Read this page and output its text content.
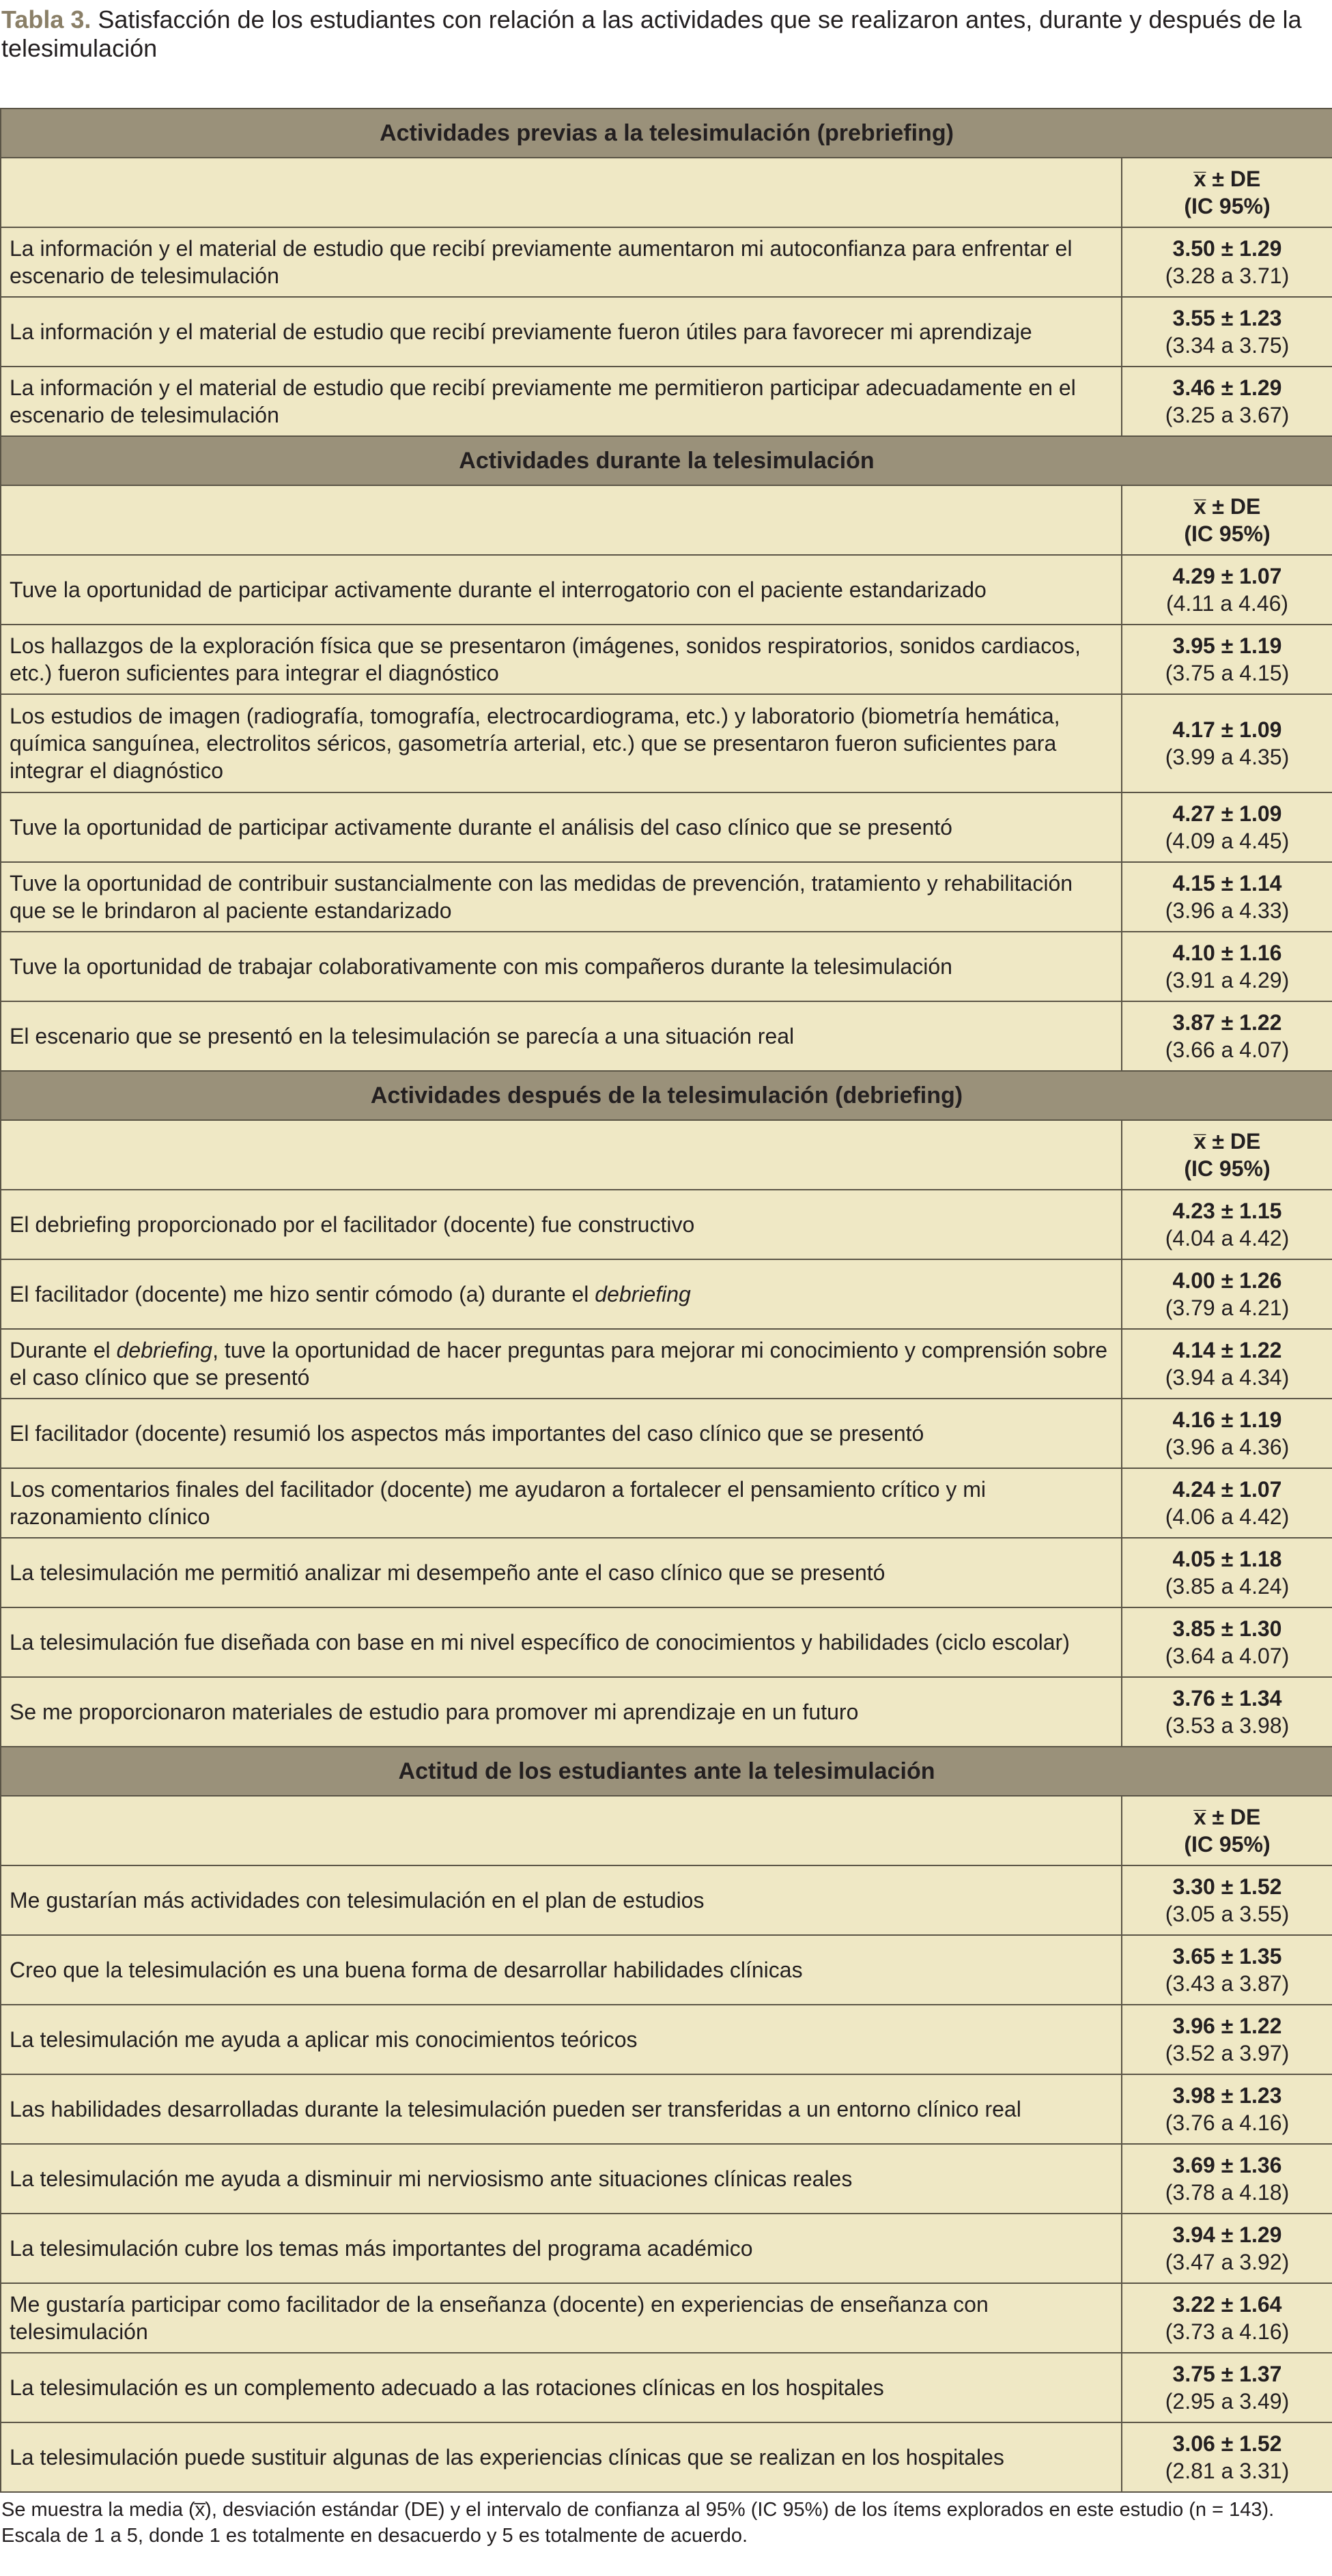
Tabla 3. Satisfacción de los estudiantes con relación a las actividades que se realizaron antes, durante y después de la telesimulación
Actividades previas a la telesimulación (prebriefing)	

	x̅ ± DE
(IC 95%)

La información y el material de estudio que recibí previamente aumentaron mi autoconfianza para enfrentar el escenario de telesimulación	3.50 ± 1.29
(3.28 a 3.71)

La información y el material de estudio que recibí previamente fueron útiles para favorecer mi aprendizaje	3.55 ± 1.23
(3.34 a 3.75)

La información y el material de estudio que recibí previamente me permitieron participar adecuadamente en el escenario de telesimulación	3.46 ± 1.29
(3.25 a 3.67)

Actividades durante la telesimulación	

	x̅ ± DE
(IC 95%)

Tuve la oportunidad de participar activamente durante el interrogatorio con el paciente estandarizado	4.29 ± 1.07
(4.11 a 4.46)

Los hallazgos de la exploración física que se presentaron (imágenes, sonidos respiratorios, sonidos cardiacos, etc.) fueron suficientes para integrar el diagnóstico	3.95 ± 1.19
(3.75 a 4.15)

Los estudios de imagen (radiografía, tomografía, electrocardiograma, etc.) y laboratorio (biometría hemática, química sanguínea, electrolitos séricos, gasometría arterial, etc.) que se presentaron fueron suficientes para integrar el diagnóstico	4.17 ± 1.09
(3.99 a 4.35)

Tuve la oportunidad de participar activamente durante el análisis del caso clínico que se presentó	4.27 ± 1.09
(4.09 a 4.45)

Tuve la oportunidad de contribuir sustancialmente con las medidas de prevención, tratamiento y rehabilitación que se le brindaron al paciente estandarizado	4.15 ± 1.14
(3.96 a 4.33)

Tuve la oportunidad de trabajar colaborativamente con mis compañeros durante la telesimulación	4.10 ± 1.16
(3.91 a 4.29)

El escenario que se presentó en la telesimulación se parecía a una situación real	3.87 ± 1.22
(3.66 a 4.07)

Actividades después de la telesimulación (debriefing)	

	x̅ ± DE
(IC 95%)

El debriefing proporcionado por el facilitador (docente) fue constructivo	4.23 ± 1.15
(4.04 a 4.42)

El facilitador (docente) me hizo sentir cómodo (a) durante el debriefing	4.00 ± 1.26
(3.79 a 4.21)

Durante el debriefing, tuve la oportunidad de hacer preguntas para mejorar mi conocimiento y comprensión sobre el caso clínico que se presentó	4.14 ± 1.22
(3.94 a 4.34)

El facilitador (docente) resumió los aspectos más importantes del caso clínico que se presentó	4.16 ± 1.19
(3.96 a 4.36)

Los comentarios finales del facilitador (docente) me ayudaron a fortalecer el pensamiento crítico y mi razonamiento clínico	4.24 ± 1.07
(4.06 a 4.42)

La telesimulación me permitió analizar mi desempeño ante el caso clínico que se presentó	4.05 ± 1.18
(3.85 a 4.24)

La telesimulación fue diseñada con base en mi nivel específico de conocimientos y habilidades (ciclo escolar)	3.85 ± 1.30
(3.64 a 4.07)

Se me proporcionaron materiales de estudio para promover mi aprendizaje en un futuro	3.76 ± 1.34
(3.53 a 3.98)

Actitud de los estudiantes ante la telesimulación	

	x̅ ± DE
(IC 95%)

Me gustarían más actividades con telesimulación en el plan de estudios	3.30 ± 1.52
(3.05 a 3.55)

Creo que la telesimulación es una buena forma de desarrollar habilidades clínicas	3.65 ± 1.35
(3.43 a 3.87)

La telesimulación me ayuda a aplicar mis conocimientos teóricos	3.96 ± 1.22
(3.52 a 3.97)

Las habilidades desarrolladas durante la telesimulación pueden ser transferidas a un entorno clínico real	3.98 ± 1.23
(3.76 a 4.16)

La telesimulación me ayuda a disminuir mi nerviosismo ante situaciones clínicas reales	3.69 ± 1.36
(3.78 a 4.18)

La telesimulación cubre los temas más importantes del programa académico	3.94 ± 1.29
(3.47 a 3.92)

Me gustaría participar como facilitador de la enseñanza (docente) en experiencias de enseñanza con telesimulación	3.22 ± 1.64
(3.73 a 4.16)

La telesimulación es un complemento adecuado a las rotaciones clínicas en los hospitales	3.75 ± 1.37
(2.95 a 3.49)

La telesimulación puede sustituir algunas de las experiencias clínicas que se realizan en los hospitales	3.06 ± 1.52
(2.81 a 3.31)
Se muestra la media (x̅), desviación estándar (DE) y el intervalo de confianza al 95% (IC 95%) de los ítems explorados en este estudio (n = 143).
Escala de 1 a 5, donde 1 es totalmente en desacuerdo y 5 es totalmente de acuerdo.
